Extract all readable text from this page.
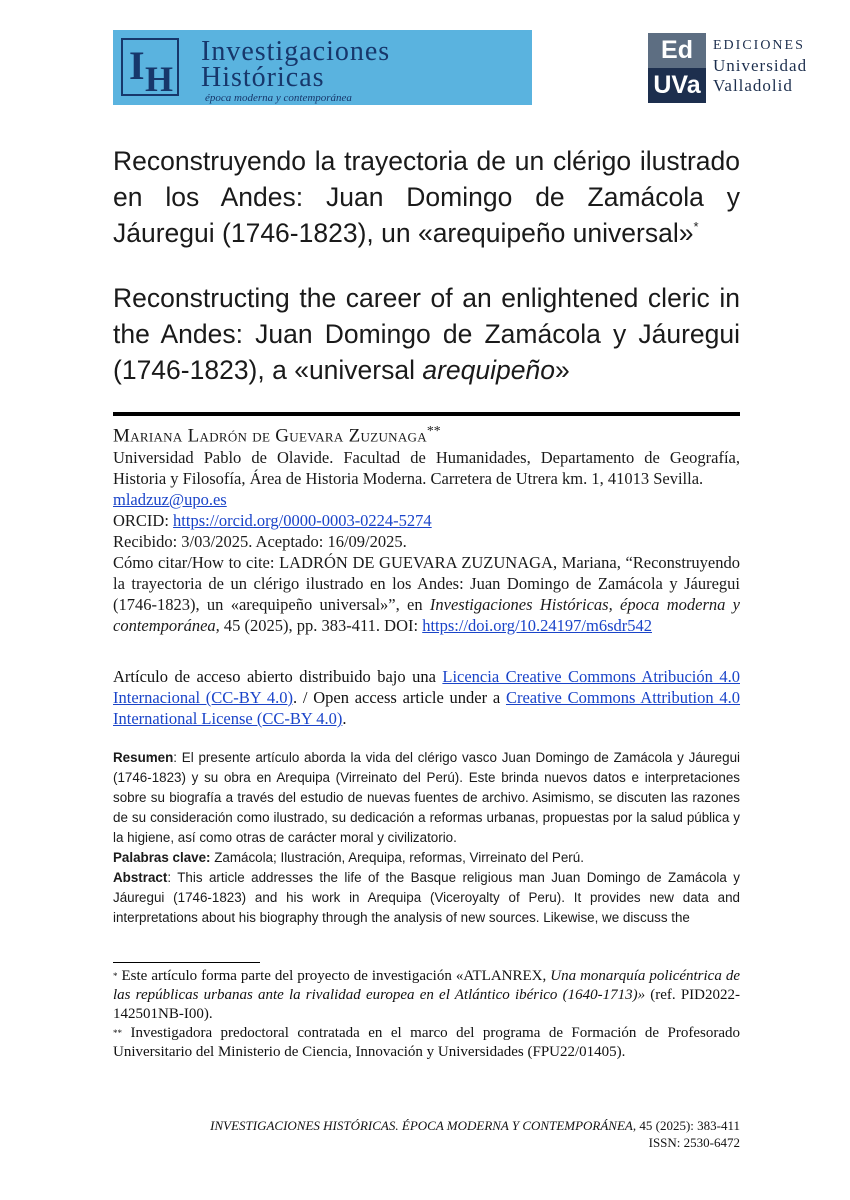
I H
Investigaciones
Históricas
época moderna y contemporánea
Ed
UVa
EDICIONES
Universidad
Valladolid
Reconstruyendo la trayectoria de un clérigo ilustrado en los Andes: Juan Domingo de Zamácola y Jáuregui (1746-1823), un «arequipeño universal»*
Reconstructing the career of an enlightened cleric in the Andes: Juan Domingo de Zamácola y Jáuregui (1746-1823), a «universal arequipeño»
Mariana Ladrón de Guevara Zuzunaga**
Universidad Pablo de Olavide. Facultad de Humanidades, Departamento de Geografía, Historia y Filosofía, Área de Historia Moderna. Carretera de Utrera km. 1, 41013 Sevilla.
mladzuz@upo.es
ORCID: https://orcid.org/0000-0003-0224-5274
Recibido: 3/03/2025. Aceptado: 16/09/2025.
Cómo citar/How to cite: LADRÓN DE GUEVARA ZUZUNAGA, Mariana, “Reconstruyendo la trayectoria de un clérigo ilustrado en los Andes: Juan Domingo de Zamácola y Jáuregui (1746-1823), un «arequipeño universal»”, en Investigaciones Históricas, época moderna y contemporánea, 45 (2025), pp. 383-411. DOI: https://doi.org/10.24197/m6sdr542
Artículo de acceso abierto distribuido bajo una Licencia Creative Commons Atribución 4.0 Internacional (CC-BY 4.0). / Open access article under a Creative Commons Attribution 4.0 International License (CC-BY 4.0).

Resumen: El presente artículo aborda la vida del clérigo vasco Juan Domingo de Zamácola y Jáuregui (1746-1823) y su obra en Arequipa (Virreinato del Perú). Este brinda nuevos datos e interpretaciones sobre su biografía a través del estudio de nuevas fuentes de archivo. Asimismo, se discuten las razones de su consideración como ilustrado, su dedicación a reformas urbanas, propuestas por la salud pública y la higiene, así como otras de carácter moral y civilizatorio.

Palabras clave: Zamácola; Ilustración, Arequipa, reformas, Virreinato del Perú.

Abstract: This article addresses the life of the Basque religious man Juan Domingo de Zamácola y Jáuregui (1746-1823) and his work in Arequipa (Viceroyalty of Peru). It provides new data and interpretations about his biography through the analysis of new sources. Likewise, we discuss the

* Este artículo forma parte del proyecto de investigación «ATLANREX, Una monarquía policéntrica de las repúblicas urbanas ante la rivalidad europea en el Atlántico ibérico (1640-1713)» (ref. PID2022-142501NB-I00).

** Investigadora predoctoral contratada en el marco del programa de Formación de Profesorado Universitario del Ministerio de Ciencia, Innovación y Universidades (FPU22/01405).

INVESTIGACIONES HISTÓRICAS. ÉPOCA MODERNA Y CONTEMPORÁNEA, 45 (2025): 383-411
ISSN: 2530-6472
